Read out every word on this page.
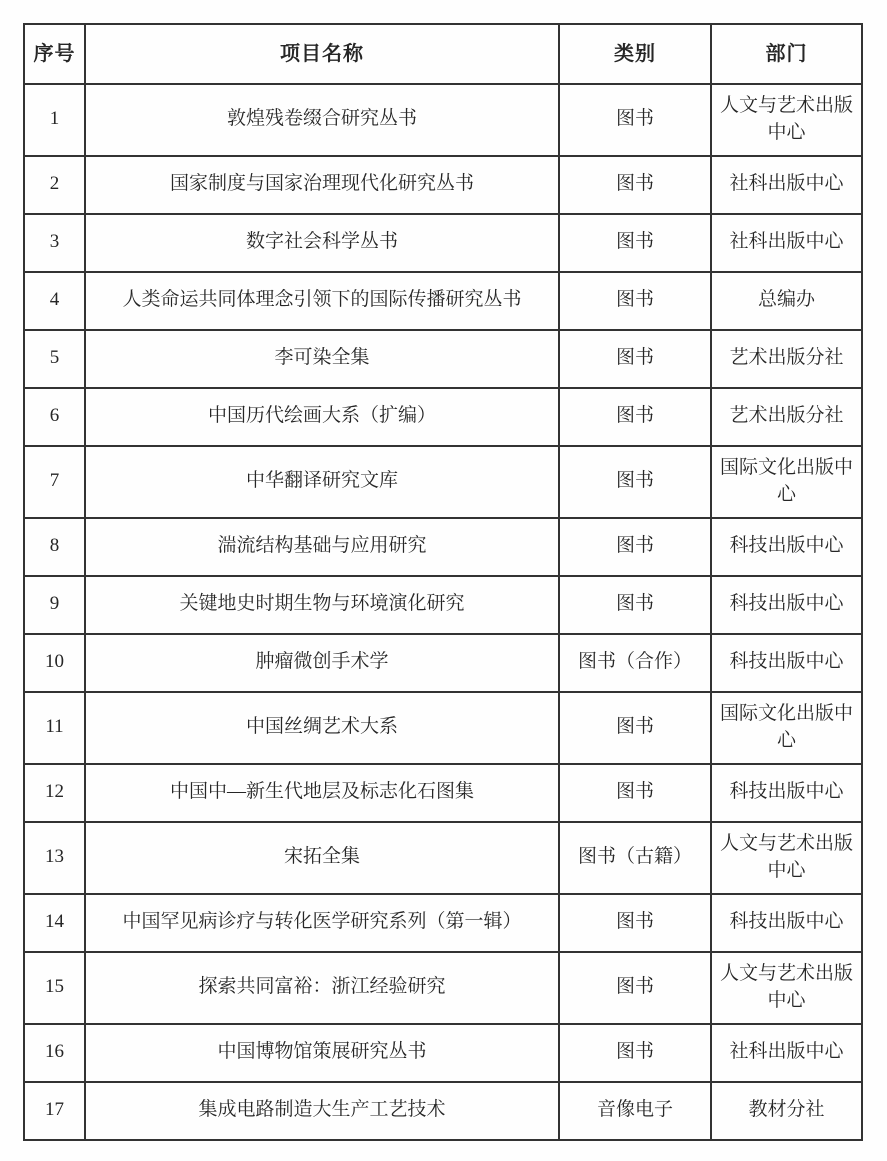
序号	项目名称	类别	部门
1	敦煌残卷缀合研究丛书	图书	人文与艺术出版中心
2	国家制度与国家治理现代化研究丛书	图书	社科出版中心
3	数字社会科学丛书	图书	社科出版中心
4	人类命运共同体理念引领下的国际传播研究丛书	图书	总编办
5	李可染全集	图书	艺术出版分社
6	中国历代绘画大系（扩编）	图书	艺术出版分社
7	中华翻译研究文库	图书	国际文化出版中心
8	湍流结构基础与应用研究	图书	科技出版中心
9	关键地史时期生物与环境演化研究	图书	科技出版中心
10	肿瘤微创手术学	图书（合作）	科技出版中心
11	中国丝绸艺术大系	图书	国际文化出版中心
12	中国中—新生代地层及标志化石图集	图书	科技出版中心
13	宋拓全集	图书（古籍）	人文与艺术出版中心
14	中国罕见病诊疗与转化医学研究系列（第一辑）	图书	科技出版中心
15	探索共同富裕：浙江经验研究	图书	人文与艺术出版中心
16	中国博物馆策展研究丛书	图书	社科出版中心
17	集成电路制造大生产工艺技术	音像电子	教材分社
